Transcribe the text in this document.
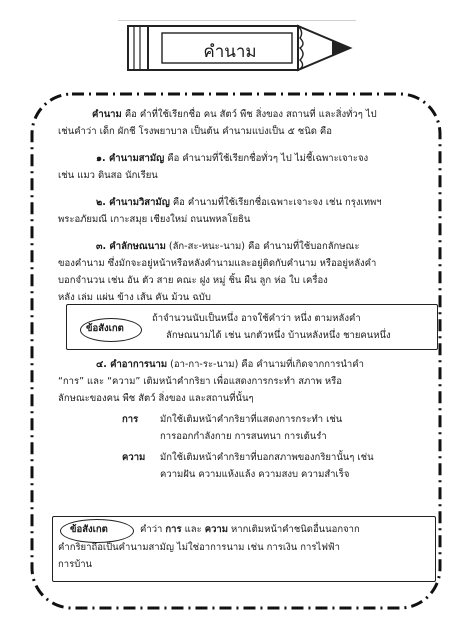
คำนาม
คำนาม คือ คำที่ใช้เรียกชื่อ คน สัตว์ พืช สิ่งของ สถานที่ และสิ่งทั่วๆ ไป
เช่นคำว่า เด็ก ผักชี โรงพยาบาล เป็นต้น คำนามแบ่งเป็น ๕ ชนิด คือ
๑. คำนามสามัญ คือ คำนามที่ใช้เรียกชื่อทั่วๆ ไป ไม่ชี้เฉพาะเจาะจง
เช่น แมว ดินสอ นักเรียน
๒. คำนามวิสามัญ คือ คำนามที่ใช้เรียกชื่อเฉพาะเจาะจง เช่น กรุงเทพฯ
พระอภัยมณี เกาะสมุย เชียงใหม่ ถนนพหลโยธิน
๓. คำลักษณนาม (ลัก-สะ-หนะ-นาม) คือ คำนามที่ใช้บอกลักษณะ
ของคำนาม ซึ่งมักจะอยู่หน้าหรือหลังคำนามและอยู่ติดกับคำนาม หรืออยู่หลังคำ
บอกจำนวน เช่น อัน ตัว สาย คณะ ฝูง หมู่ ชิ้น ผืน ลูก ห่อ ใบ เครื่อง
หลัง เล่ม แผ่น ข้าง เส้น คัน ม้วน ฉบับ
ข้อสังเกต
ถ้าจำนวนนับเป็นหนึ่ง อาจใช้คำว่า หนึ่ง ตามหลังคำ
ลักษณนามได้ เช่น นกตัวหนึ่ง บ้านหลังหนึ่ง ชายคนหนึ่ง
๔. คำอาการนาม (อา-กา-ระ-นาม) คือ คำนามที่เกิดจากการนำคำ
“การ” และ “ความ” เติมหน้าคำกริยา เพื่อแสดงการกระทำ สภาพ หรือ
ลักษณะของคน พืช สัตว์ สิ่งของ และสถานที่นั้นๆ
การ มักใช้เติมหน้าคำกริยาที่แสดงการกระทำ เช่น
การออกกำลังกาย การสนทนา การเต้นรำ
ความ มักใช้เติมหน้าคำกริยาที่บอกสภาพของกริยานั้นๆ เช่น
ความฝัน ความแห้งแล้ง ความสงบ ความสำเร็จ
ข้อสังเกต	คำว่า การ และ ความ หากเติมหน้าคำชนิดอื่นนอกจาก
คำกริยาถือเป็นคำนามสามัญ ไม่ใช่อาการนาม เช่น การเงิน การไฟฟ้า
การบ้าน
